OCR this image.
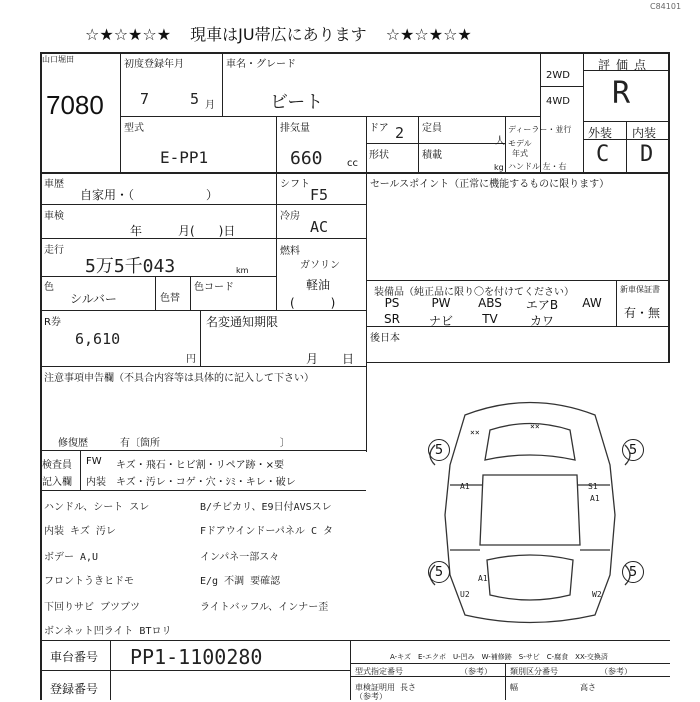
☆★☆★☆★ 現車はJU帯広にあります ☆★☆★☆★
C84101
山口堀田
7080
初度登録年月
7	5 月
車名・グレード
ビート
2WD
4WD
評価点
R
型式
E-PP1
排気量
660 cc
ドア 2 定員
人
ディーラー・並行
モデル
年式
ハンドル 左・右
形状	積載
kg
外装 内装
C D
車歴
自家用・（　　　　　　）
シフト
F5
車検
年　　　月(　　)日
冷房
AC
走行
5万5千043	km
燃料
ガソリン
軽油
(　　　)
色
シルバー	色替
色コード
R券
6,610
円
名変通知期限
月　　日
注意事項申告欄（不具合内容等は具体的に記入して下さい）
修復歴	有〔箇所　　　　　　　　　　　　〕
検査員
記入欄
FW キズ・飛石・ヒビ割・リペア跡・×要
内装 キズ・汚レ・コゲ・穴・ｼﾐ・キレ・破レ
ハンドル、シート スレ
内装 キズ 汚レ
ボデー A,U
フロントうきヒドモ
下回りサビ ブツブツ
ボンネット凹ライト BTロリ
B/チビカリ、E9日付AVSスレ
Fドアウインドーパネル C タ
インパネ一部ス々
E/g 不調 要確認
ライトバッフル、インナー歪
セールスポイント（正常に機能するものに限ります）
装備品（純正品に限り〇を付けてください）	新車保証書
有・無
PS	PW	ABS	エアB	AW
SR	ナビ	TV	カワ
後日本
5	5
5	5
××
××
A1	S1
A1
A1
U2	W2
A-キズ　E-エクボ　U-凹み　W-補修跡　S-サビ　C-腐食　XX-交換済
車台番号 PP1-1100280
登録番号
型式指定番号	（参考） 類別区分番号	（参考）
車検証明用
（参考）
長さ	幅	高さ
